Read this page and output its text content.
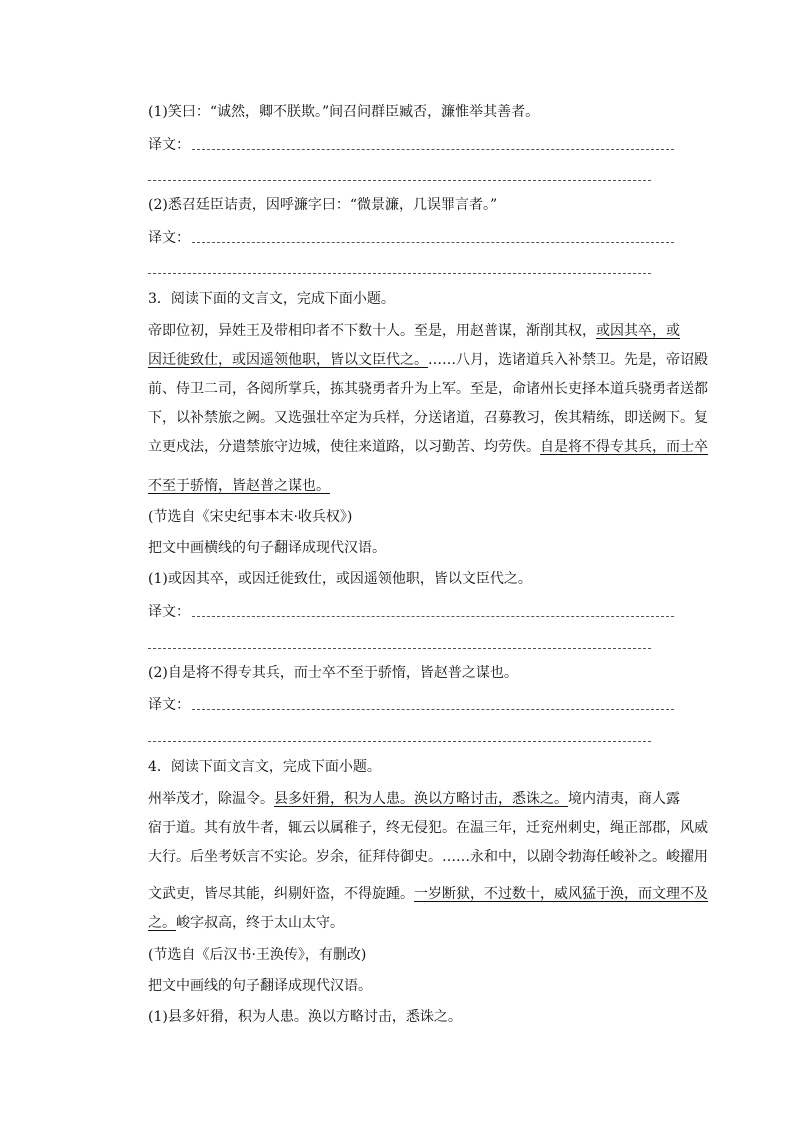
(1)笑曰：“诚然，卿不朕欺。”间召问群臣臧否，濂惟举其善者。
译文：
(2)悉召廷臣诘责，因呼濂字曰：“微景濂，几误罪言者。”
译文：
3．阅读下面的文言文，完成下面小题。
帝即位初，异姓王及带相印者不下数十人。至是，用赵普谋，渐削其权，或因其卒，或
因迁徙致仕，或因遥领他职，皆以文臣代之。……八月，选诸道兵入补禁卫。先是，帝诏殿
前、侍卫二司，各阅所掌兵，拣其骁勇者升为上军。至是，命诸州长吏择本道兵骁勇者送都
下，以补禁旅之阙。又选强壮卒定为兵样，分送诸道，召募教习，俟其精练，即送阙下。复
立更戍法，分遣禁旅守边城，使往来道路，以习勤苦、均劳佚。自是将不得专其兵，而士卒
不至于骄惰，皆赵普之谋也。
(节选自《宋史纪事本末·收兵权》)
把文中画横线的句子翻译成现代汉语。
(1)或因其卒，或因迁徙致仕，或因遥领他职，皆以文臣代之。
译文：
(2)自是将不得专其兵，而士卒不至于骄惰，皆赵普之谋也。
译文：
4．阅读下面文言文，完成下面小题。
州举茂才，除温令。县多奸猾，积为人患。涣以方略讨击，悉诛之。境内清夷，商人露
宿于道。其有放牛者，辄云以属稚子，终无侵犯。在温三年，迁兖州刺史，绳正部郡，风威
大行。后坐考妖言不实论。岁余，征拜侍御史。……永和中，以剧令勃海任峻补之。峻擢用
文武吏，皆尽其能，纠剔奸盗，不得旋踵。一岁断狱，不过数十，威风猛于涣，而文理不及
之。峻字叔高，终于太山太守。
(节选自《后汉书·王涣传》，有删改)
把文中画线的句子翻译成现代汉语。
(1)县多奸猾，积为人患。涣以方略讨击，悉诛之。
